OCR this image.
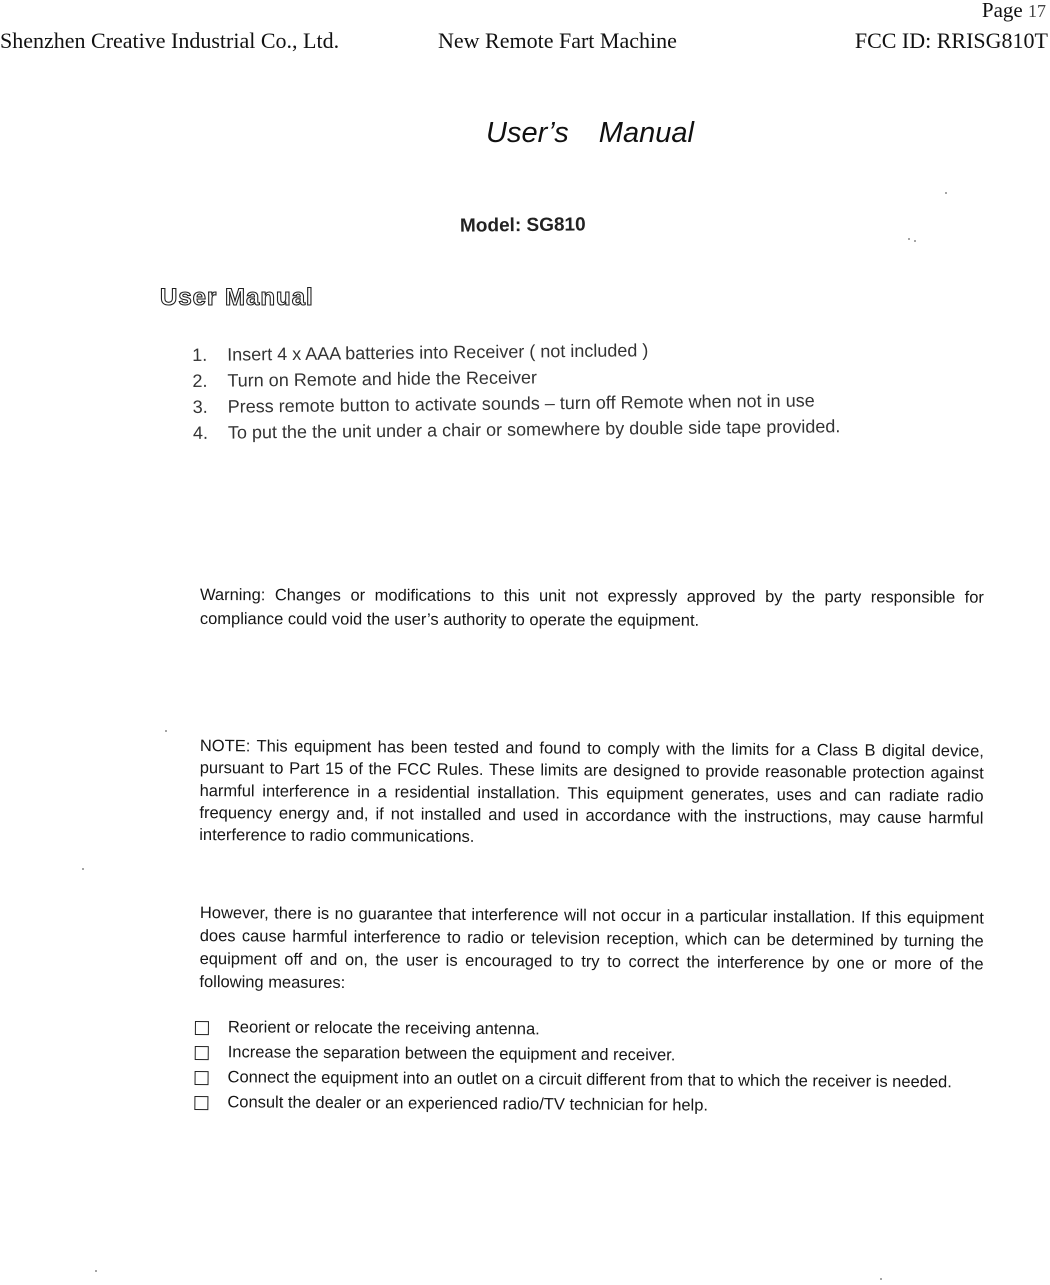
Page 17
Shenzhen Creative Industrial Co., Ltd.	New Remote Fart Machine	FCC ID: RRISG810T
User’s Manual
Model: SG810
User Manual
1.	Insert 4 x AAA batteries into Receiver ( not included )
2.	Turn on Remote and hide the Receiver
3.	Press remote button to activate sounds – turn off Remote when not in use
4.	To put the the unit under a chair or somewhere by double side tape provided.

Warning: Changes or modifications to this unit not expressly approved by the party responsible for compliance could void the user’s authority to operate the equipment.

NOTE: This equipment has been tested and found to comply with the limits for a Class B digital device, pursuant to Part 15 of the FCC Rules. These limits are designed to provide reasonable protection against harmful interference in a residential installation. This equipment generates, uses and can radiate radio frequency energy and, if not installed and used in accordance with the instructions, may cause harmful interference to radio communications.

However, there is no guarantee that interference will not occur in a particular installation. If this equipment does cause harmful interference to radio or television reception, which can be determined by turning the equipment off and on, the user is encouraged to try to correct the interference by one or more of the following measures:

Reorient or relocate the receiving antenna.
Increase the separation between the equipment and receiver.
Connect the equipment into an outlet on a circuit different from that to which the receiver is needed.
Consult the dealer or an experienced radio/TV technician for help.
